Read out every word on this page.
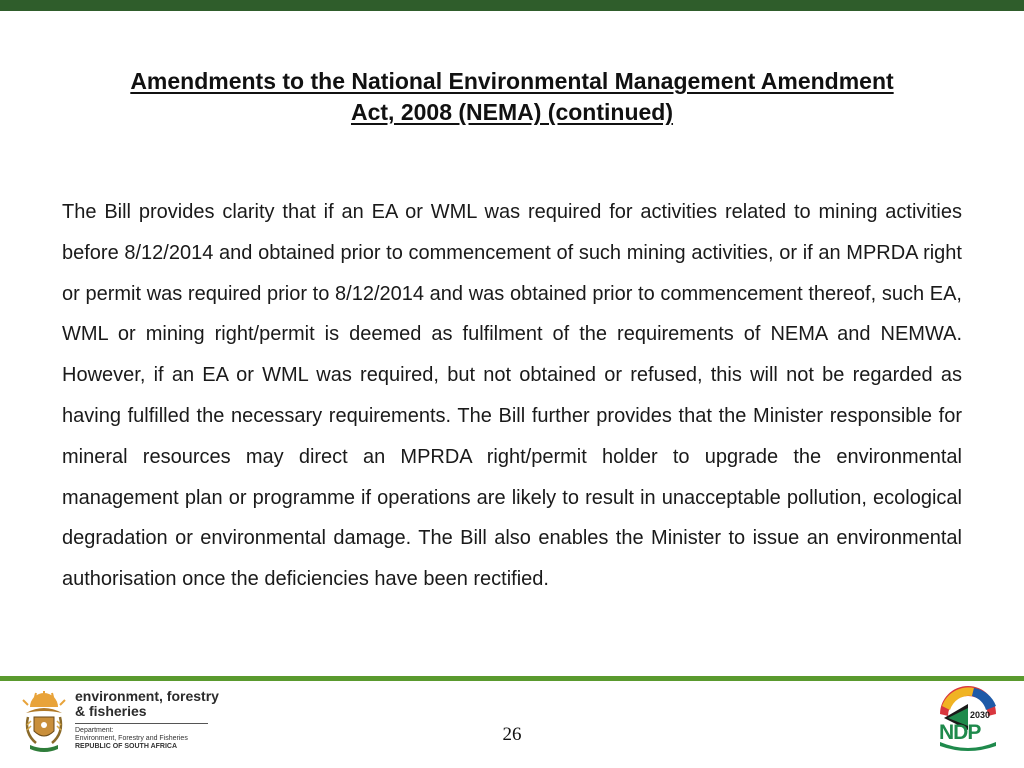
Amendments to the National Environmental Management Amendment
Act, 2008 (NEMA) (continued)

The Bill provides clarity that if an EA or WML was required for activities related to mining activities before 8/12/2014 and obtained prior to commencement of such mining activities, or if an MPRDA right or permit was required prior to 8/12/2014 and was obtained prior to commencement thereof, such EA, WML or mining right/permit is deemed as fulfilment of the requirements of NEMA and NEMWA. However, if an EA or WML was required, but not obtained or refused, this will not be regarded as having fulfilled the necessary requirements. The Bill further provides that the Minister responsible for mineral resources may direct an MPRDA right/permit holder to upgrade the environmental management plan or programme if operations are likely to result in unacceptable pollution, ecological degradation or environmental damage. The Bill also enables the Minister to issue an environmental authorisation once the deficiencies have been rectified.

environment, forestry
& fisheries
Department:
Environment, Forestry and Fisheries
REPUBLIC OF SOUTH AFRICA
26
2030
NDP
